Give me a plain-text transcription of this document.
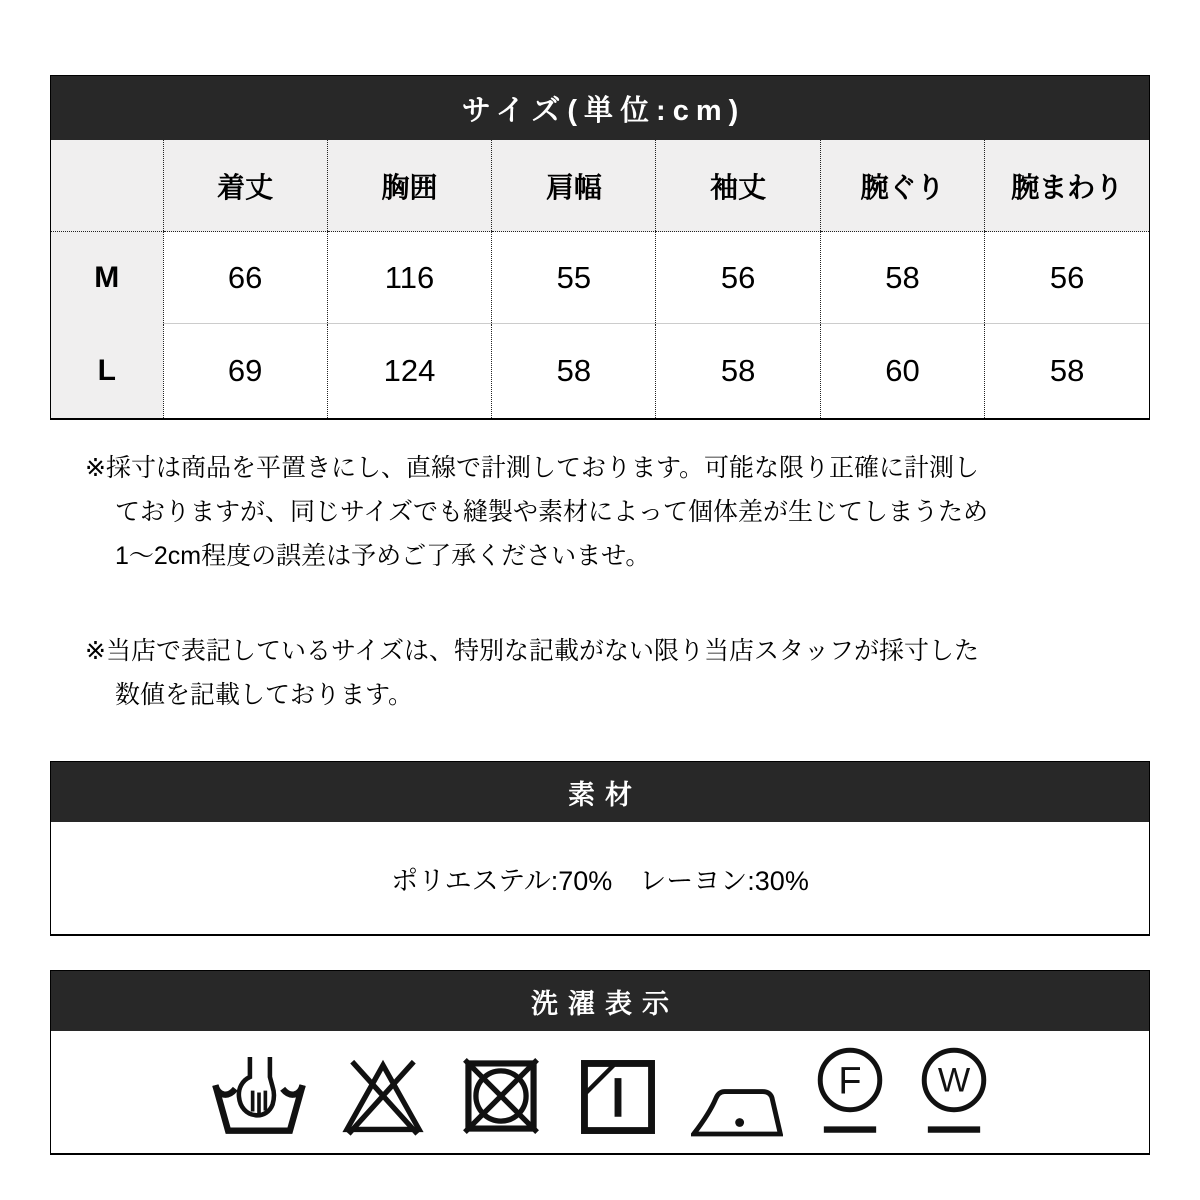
サイズ(単位:cm)
	着丈	胸囲	肩幅	袖丈	腕ぐり	腕まわり
M	66	116	55	56	58	56
L	69	124	58	58	60	58
※採寸は商品を平置きにし、直線で計測しております。可能な限り正確に計測し
ておりますが、同じサイズでも縫製や素材によって個体差が生じてしまうため
1〜2cm程度の誤差は予めご了承くださいませ。
※当店で表記しているサイズは、特別な記載がない限り当店スタッフが採寸した
数値を記載しております。
素材
ポリエステル:70%　レーヨン:30%
洗濯表示
F W
